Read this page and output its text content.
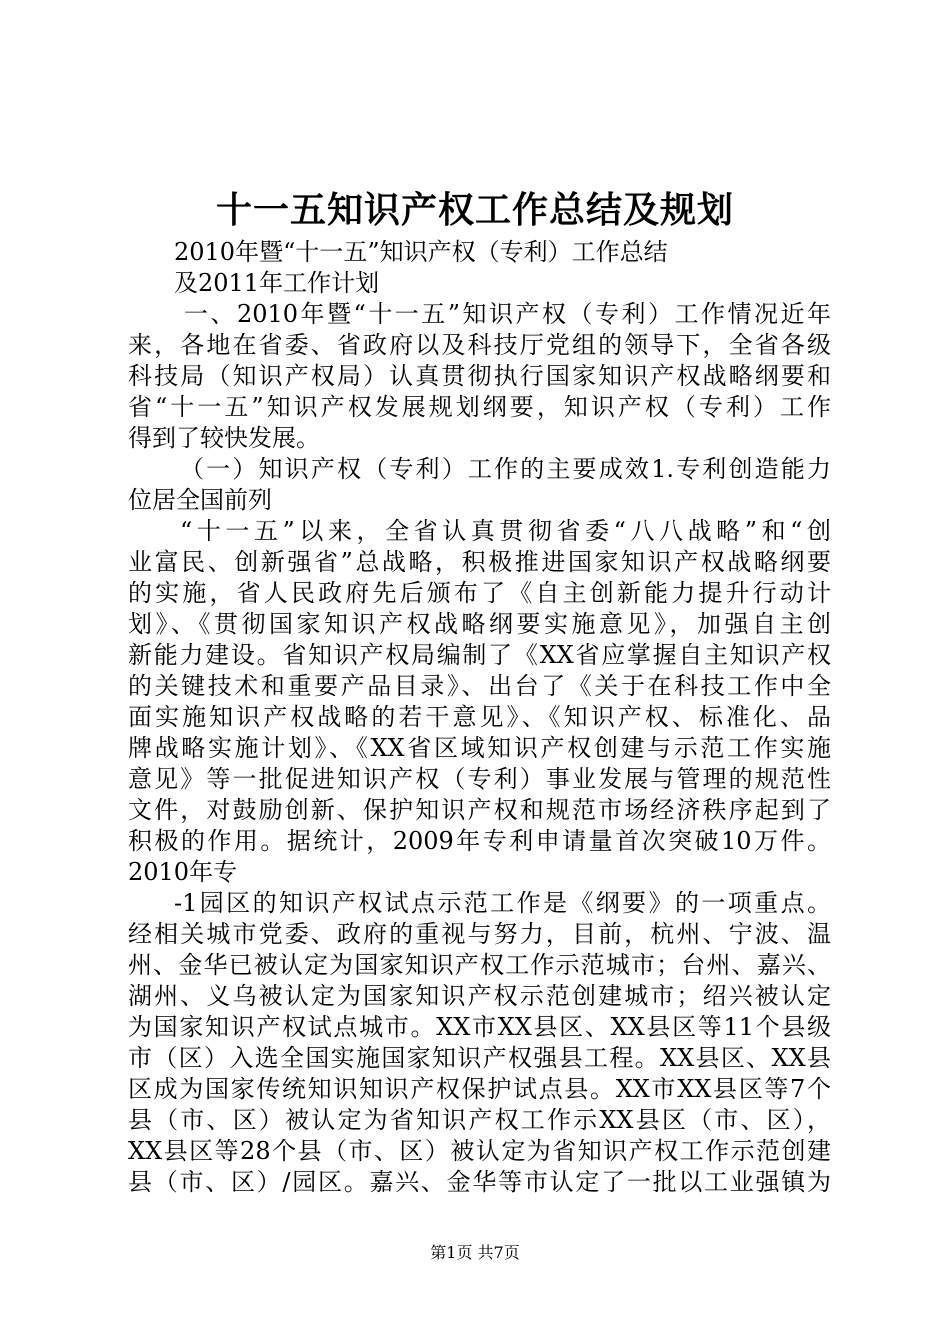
十一五知识产权工作总结及规划
2010年暨“十一五”知识产权（专利）工作总结
及2011年工作计划
一、2010年暨“十一五”知识产权（专利）工作情况近年
来，各地在省委、省政府以及科技厅党组的领导下，全省各级
科技局（知识产权局）认真贯彻执行国家知识产权战略纲要和
省“十一五”知识产权发展规划纲要，知识产权（专利）工作
得到了较快发展。
（一）知识产权（专利）工作的主要成效1.专利创造能力
位居全国前列
“十一五”以来，全省认真贯彻省委“八八战略”和“创
业富民、创新强省”总战略，积极推进国家知识产权战略纲要
的实施，省人民政府先后颁布了《自主创新能力提升行动计
划》、《贯彻国家知识产权战略纲要实施意见》，加强自主创
新能力建设。省知识产权局编制了《XX省应掌握自主知识产权
的关键技术和重要产品目录》、出台了《关于在科技工作中全
面实施知识产权战略的若干意见》、《知识产权、标准化、品
牌战略实施计划》、《XX省区域知识产权创建与示范工作实施
意见》等一批促进知识产权（专利）事业发展与管理的规范性
文件，对鼓励创新、保护知识产权和规范市场经济秩序起到了
积极的作用。据统计，2009年专利申请量首次突破10万件。
2010年专
-1园区的知识产权试点示范工作是《纲要》的一项重点。
经相关城市党委、政府的重视与努力，目前，杭州、宁波、温
州、金华已被认定为国家知识产权工作示范城市；台州、嘉兴、
湖州、义乌被认定为国家知识产权示范创建城市；绍兴被认定
为国家知识产权试点城市。XX市XX县区、XX县区等11个县级
市（区）入选全国实施国家知识产权强县工程。XX县区、XX县
区成为国家传统知识知识产权保护试点县。XX市XX县区等7个
县（市、区）被认定为省知识产权工作示XX县区（市、区），
XX县区等28个县（市、区）被认定为省知识产权工作示范创建
县（市、区）/园区。嘉兴、金华等市认定了一批以工业强镇为
第1页 共7页
